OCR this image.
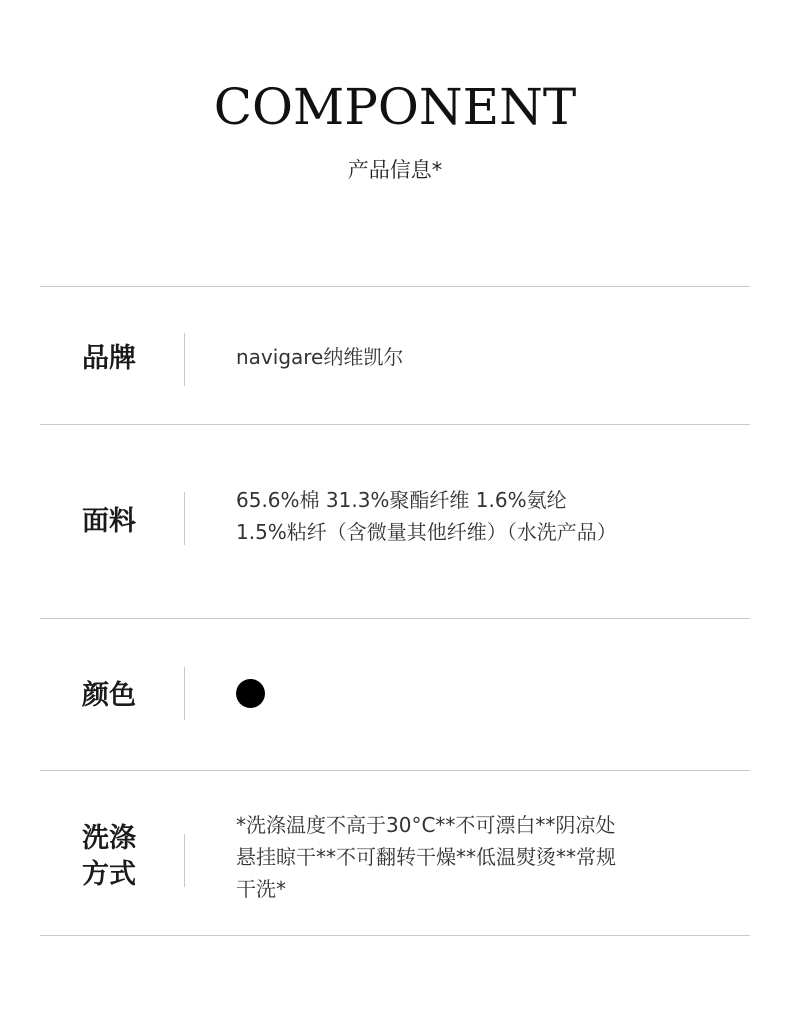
COMPONENT
产品信息*
品牌	navigare纳维凯尔
面料
65.6%棉 31.3%聚酯纤维 1.6%氨纶
1.5%粘纤（含微量其他纤维）（水洗产品）
颜色
洗涤
方式
*洗涤温度不高于30°C**不可漂白**阴凉处
悬挂晾干**不可翻转干燥**低温熨烫**常规
干洗*
